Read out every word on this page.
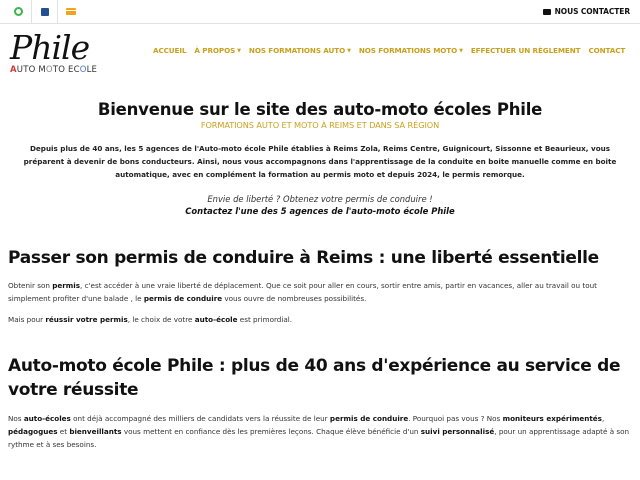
NOUS CONTACTER
Phile
AUTO MOTO ECOLE
ACCUEIL À PROPOS ▼ NOS FORMATIONS AUTO ▼ NOS FORMATIONS MOTO ▼ EFFECTUER UN RÈGLEMENT CONTACT
Bienvenue sur le site des auto-moto écoles Phile
FORMATIONS AUTO ET MOTO À REIMS ET DANS SA RÉGION

Depuis plus de 40 ans, les 5 agences de l'Auto-moto école Phile établies à Reims Zola, Reims Centre, Guignicourt, Sissonne et Beaurieux, vous préparent à devenir de bons conducteurs. Ainsi, nous vous accompagnons dans l'apprentissage de la conduite en boite manuelle comme en boite automatique, avec en complément la formation au permis moto et depuis 2024, le permis remorque.

Envie de liberté ? Obtenez votre permis de conduire !
Contactez l'une des 5 agences de l'auto-moto école Phile
Passer son permis de conduire à Reims : une liberté essentielle

Obtenir son permis, c'est accéder à une vraie liberté de déplacement. Que ce soit pour aller en cours, sortir entre amis, partir en vacances, aller au travail ou tout simplement profiter d'une balade , le permis de conduire vous ouvre de nombreuses possibilités.

Mais pour réussir votre permis, le choix de votre auto-école est primordial.

Auto-moto école Phile : plus de 40 ans d'expérience au service de votre réussite

Nos auto-écoles ont déjà accompagné des milliers de candidats vers la réussite de leur permis de conduire. Pourquoi pas vous ? Nos moniteurs expérimentés, pédagogues et bienveillants vous mettent en confiance dès les premières leçons. Chaque élève bénéficie d'un suivi personnalisé, pour un apprentissage adapté à son rythme et à ses besoins.
